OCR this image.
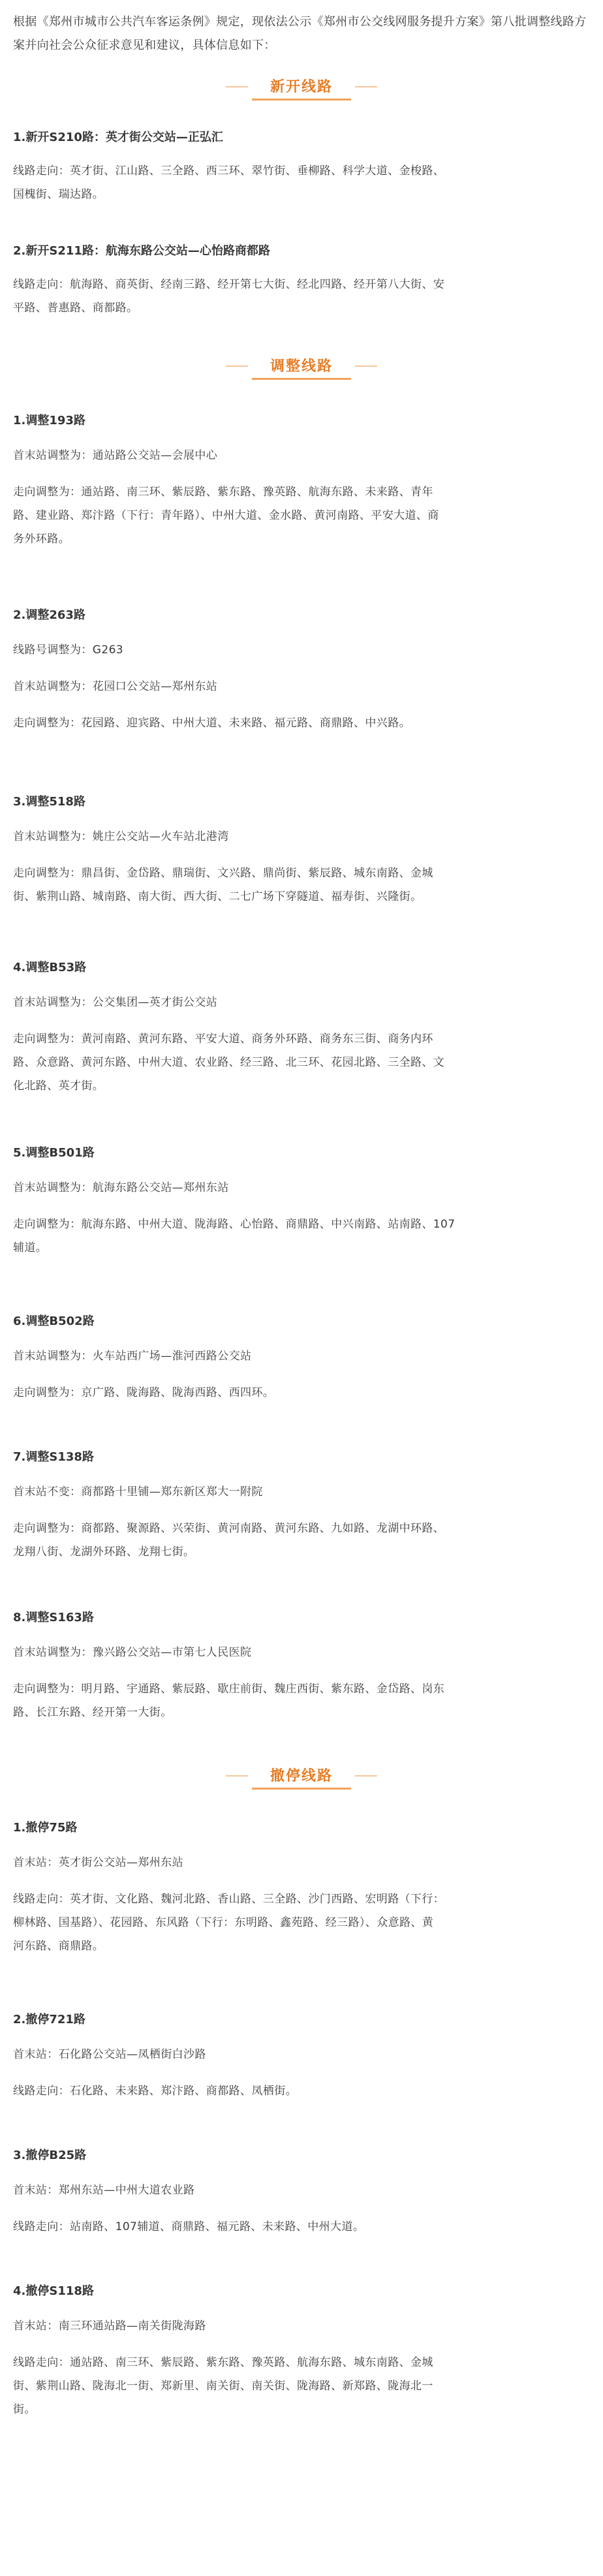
根据《郑州市城市公共汽车客运条例》规定，现依法公示《郑州市公交线网服务提升方案》第八批调整线路方案并向社会公众征求意见和建议，具体信息如下：

新开线路

1.新开S210路：英才街公交站—正弘汇

线路走向：英才街、江山路、三全路、西三环、翠竹街、垂柳路、科学大道、金梭路、

国槐街、瑞达路。

2.新开S211路：航海东路公交站—心怡路商都路

线路走向：航海路、商英街、经南三路、经开第七大街、经北四路、经开第八大街、安

平路、普惠路、商都路。

调整线路

1.调整193路

首末站调整为：通站路公交站—会展中心

走向调整为：通站路、南三环、紫辰路、紫东路、豫英路、航海东路、未来路、青年

路、建业路、郑汴路（下行：青年路）、中州大道、金水路、黄河南路、平安大道、商

务外环路。

2.调整263路

线路号调整为：G263

首末站调整为：花园口公交站—郑州东站

走向调整为：花园路、迎宾路、中州大道、未来路、福元路、商鼎路、中兴路。

3.调整518路

首末站调整为：姚庄公交站—火车站北港湾

走向调整为：鼎昌街、金岱路、鼎瑞街、文兴路、鼎尚街、紫辰路、城东南路、金城

街、紫荆山路、城南路、南大街、西大街、二七广场下穿隧道、福寿街、兴隆街。

4.调整B53路

首末站调整为：公交集团—英才街公交站

走向调整为：黄河南路、黄河东路、平安大道、商务外环路、商务东三街、商务内环

路、众意路、黄河东路、中州大道、农业路、经三路、北三环、花园北路、三全路、文

化北路、英才街。

5.调整B501路

首末站调整为：航海东路公交站—郑州东站

走向调整为：航海东路、中州大道、陇海路、心怡路、商鼎路、中兴南路、站南路、107

辅道。

6.调整B502路

首末站调整为：火车站西广场—淮河西路公交站

走向调整为：京广路、陇海路、陇海西路、西四环。

7.调整S138路

首末站不变：商都路十里铺—郑东新区郑大一附院

走向调整为：商都路、聚源路、兴荣街、黄河南路、黄河东路、九如路、龙湖中环路、

龙翔八街、龙湖外环路、龙翔七街。

8.调整S163路

首末站调整为：豫兴路公交站—市第七人民医院

走向调整为：明月路、宇通路、紫辰路、歇庄前街、魏庄西街、紫东路、金岱路、岗东

路、长江东路、经开第一大街。

撤停线路

1.撤停75路

首末站：英才街公交站—郑州东站

线路走向：英才街、文化路、魏河北路、香山路、三全路、沙门西路、宏明路（下行：

柳林路、国基路）、花园路、东风路（下行：东明路、鑫苑路、经三路）、众意路、黄

河东路、商鼎路。

2.撤停721路

首末站：石化路公交站—凤栖街白沙路

线路走向：石化路、未来路、郑汴路、商都路、凤栖街。

3.撤停B25路

首末站：郑州东站—中州大道农业路

线路走向：站南路、107辅道、商鼎路、福元路、未来路、中州大道。

4.撤停S118路

首末站：南三环通站路—南关街陇海路

线路走向：通站路、南三环、紫辰路、紫东路、豫英路、航海东路、城东南路、金城

街、紫荆山路、陇海北一街、郑新里、南关街、南关街、陇海路、新郑路、陇海北一

街。
